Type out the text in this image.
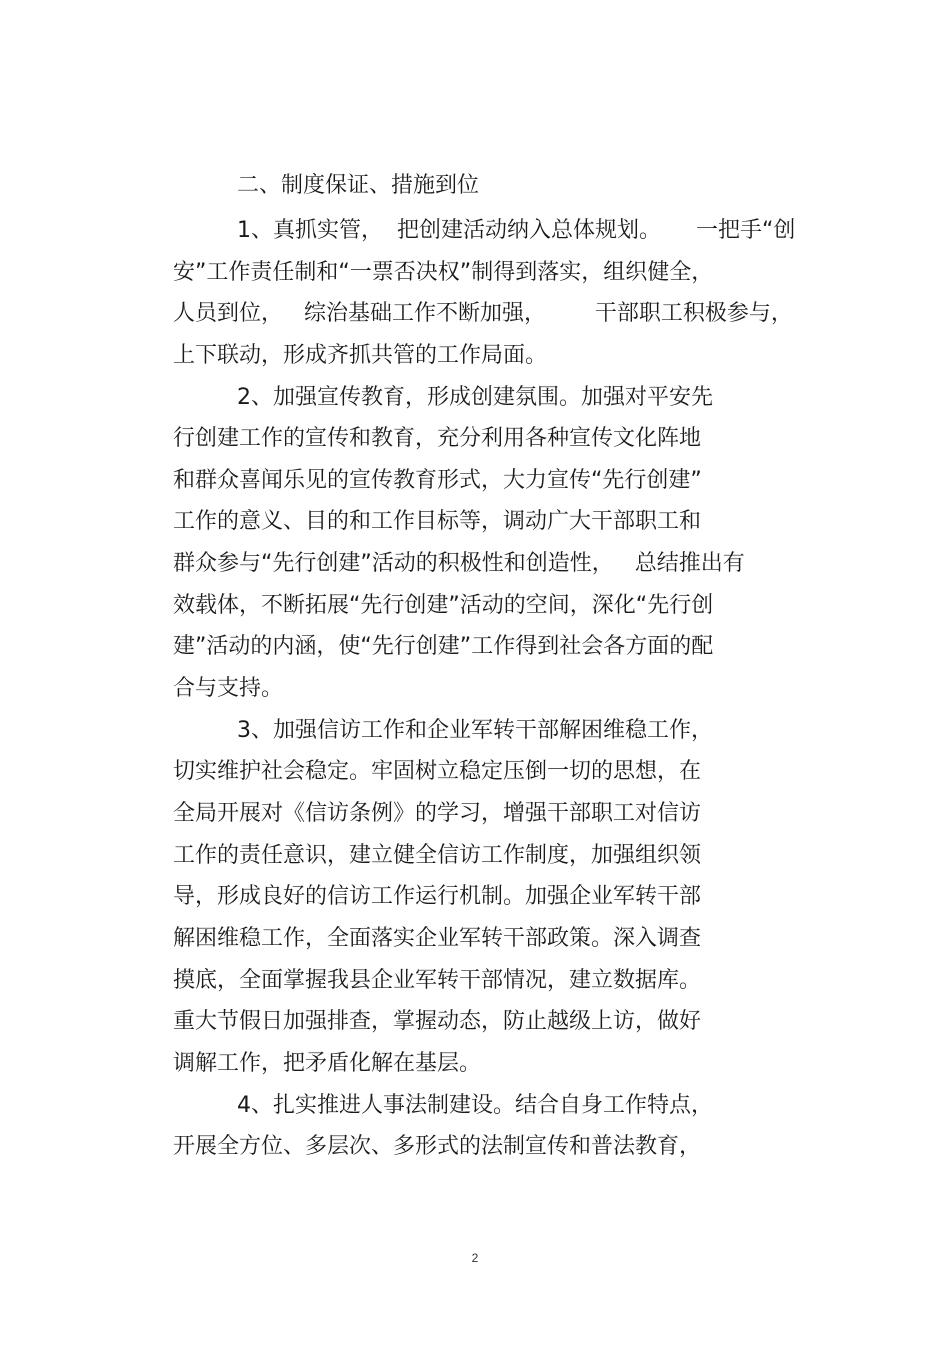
二、制度保证、措施到位
1、真抓实管，  把创建活动纳入总体规划。     一把手“创
安”工作责任制和“一票否决权”制得到落实，组织健全，
人员到位，   综治基础工作不断加强，       干部职工积极参与，
上下联动，形成齐抓共管的工作局面。
2、加强宣传教育，形成创建氛围。加强对平安先
行创建工作的宣传和教育，充分利用各种宣传文化阵地
和群众喜闻乐见的宣传教育形式，大力宣传“先行创建”
工作的意义、目的和工作目标等，调动广大干部职工和
群众参与“先行创建”活动的积极性和创造性，   总结推出有
效载体，不断拓展“先行创建”活动的空间，深化“先行创
建”活动的内涵，使“先行创建”工作得到社会各方面的配
合与支持。
3、加强信访工作和企业军转干部解困维稳工作，
切实维护社会稳定。牢固树立稳定压倒一切的思想，在
全局开展对《信访条例》的学习，增强干部职工对信访
工作的责任意识，建立健全信访工作制度，加强组织领
导，形成良好的信访工作运行机制。加强企业军转干部
解困维稳工作，全面落实企业军转干部政策。深入调查
摸底，全面掌握我县企业军转干部情况，建立数据库。
重大节假日加强排查，掌握动态，防止越级上访，做好
调解工作，把矛盾化解在基层。
4、扎实推进人事法制建设。结合自身工作特点，
开展全方位、多层次、多形式的法制宣传和普法教育，
2
